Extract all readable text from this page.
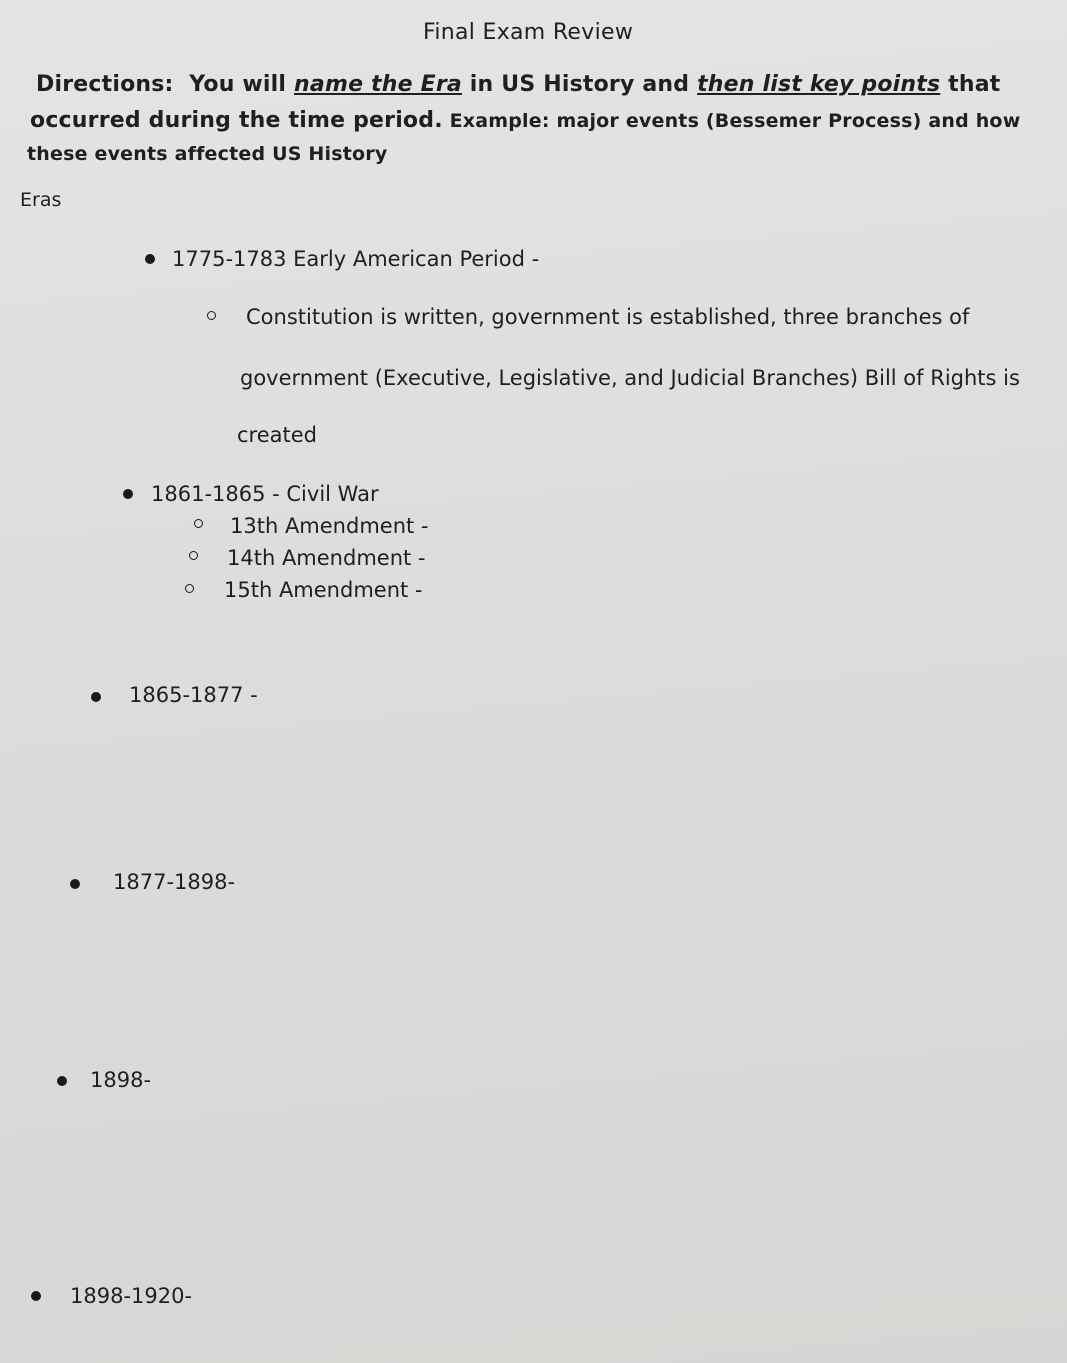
Final Exam Review
Directions: You will name the Era in US History and then list key points that
occurred during the time period. Example: major events (Bessemer Process) and how
these events affected US History
Eras
1775-1783 Early American Period -
Constitution is written, government is established, three branches of
government (Executive, Legislative, and Judicial Branches) Bill of Rights is
created
1861-1865 - Civil War
13th Amendment -
14th Amendment -
15th Amendment -
1865-1877 -
1877-1898-
1898-
1898-1920-
